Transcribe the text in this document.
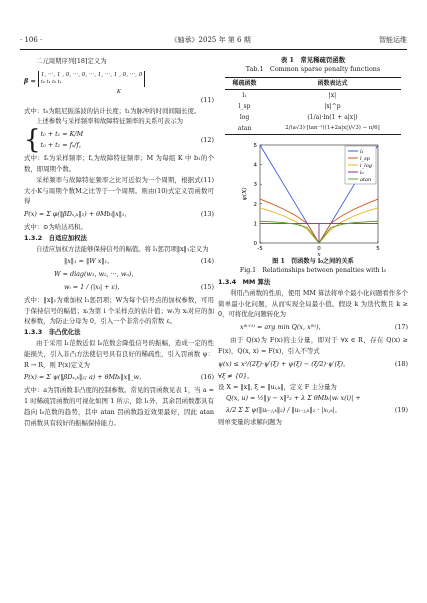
· 106 ·	《轴承》2025 年 第 6 期	智能运维

二元周期序列[18]定义为

β = 1, ···, 1 , 0, ···, 0, ···, 1, ···, 1 , 0, ···, 0
t₀ t₁ t₀ t₁
K
(11)

式中：t₀为阻尼振荡波的估计长度；t₁为脉冲的时间间隔长度。

上述参数与采样频率和故障特征频率的关系可表示为

{ t₀ + t₁ = K/M
t₀ + t₁ = fₛ/f꜀
(12)

式中：fₛ为采样频率；f꜀为故障特征频率；M 为每组 K 中 b₁的个数，即周期个数。

采样频率与故障特征频率之比可近似为一个周期，根据式(11)大小K与周期个数M之比等于一个周期。则由(10)式定义罚函数可得

P(x) = Σ φ(‖βDₓ,ₖ‖₂) + θMbᵢ‖x‖₁，	(13)

式中：⊙为哈达玛积。

1.3.2　自适应加权法

自适应加权方法能够保持信号的幅值。将 l₁惩罚项‖x‖₁定义为

‖x‖₁ = ‖W x‖₁，	(14)
W = diag(w₁, w₂, ···, wₙ)，
wᵢ = 1 / (|xᵢ| + ε)，	(15)

式中：‖x‖₁为重加权 l₁惩罚项；W为每个信号点的加权参数，可用于保持信号的幅值；xᵢ为第 i 个采样点的估计值；wᵢ为 xᵢ对应的加权参数，为防止分母为 0，引入一个非常小的常数 ε。

1.3.3　非凸优化法

由于采用 l₁范数近似 l₀范数会降低信号的振幅，造成一定的性能损失，引入非凸方法使信号具有良好的稀疏性，引入罚函数 ψ：R → R，则 P(x)定义为

P(x) = Σ ψ(‖βDₓ,ₖ‖₂; a) + θMbᵢ‖x‖_w，	(16)

式中：a为罚函数非凸度的控制参数。常见的罚函数见表 1，当 a = 1 时稀疏罚函数的可视化如图 1 所示，除 l₁外，其余罚函数都具有趋向 l₀范数的趋势，其中 atan 罚函数趋近效果最好，因此 atan 罚函数具有较好的振幅保持能力。

表 1　常见稀疏罚函数

Tab.1　Common sparse penalty functions

稀疏函数	函数表达式
l₁	|x|
l_sp	|x|^p
log	(1/a)·ln(1 + a|x|)
atan	2/(a√3)·[tan⁻¹((1+2a|x|)/√3) − π/6]
0
1
2
3
4
5
-5	0	5
x
ψ(X)
l₁
l_sp
l_log
l₀
atan

图 1　罚函数与 l₀之间的关系

Fig.1　Relationships between penalties with l₀

1.3.4　MM 算法

利用凸函数的性质，使用 MM 算法将单个最小化问题看作多个简单最小化问题，从而实现全局最小值。假设 k 为迭代数且 k ≥ 0，可将优化问题转化为

x⁽ᵏ⁺¹⁾ = arg min Q(x, x⁽ᵏ⁾)，	(17)

由于 Q(x)为 F(x)的主分量，即对于 ∀x ∈ R，存在 Q(x) ≥ F(x)，Q(x, x) = F(x)，引入不等式

ψ(x) ≤ x²/(2ξ)·ψ′(ξ) + ψ(ξ) − (ξ/2)·ψ′(ξ)，	(18)

∀ξ ≠ {0}，

设 X = ‖x‖, ξ = ‖uᵢ,ₖ‖，定义 F 主分量为

Q(x, u) = ½‖y − x‖²₂ + λ Σ θMbᵢ|wᵢ x(i)| +
λ/2 Σ Σ ψ(‖uᵢ₋ⱼ,ₖ‖₂) / ‖uᵢ₋ⱼ,ₖ‖₂ · |xᵢ,ₖ|，	(19)

则单变量的求解问题为
